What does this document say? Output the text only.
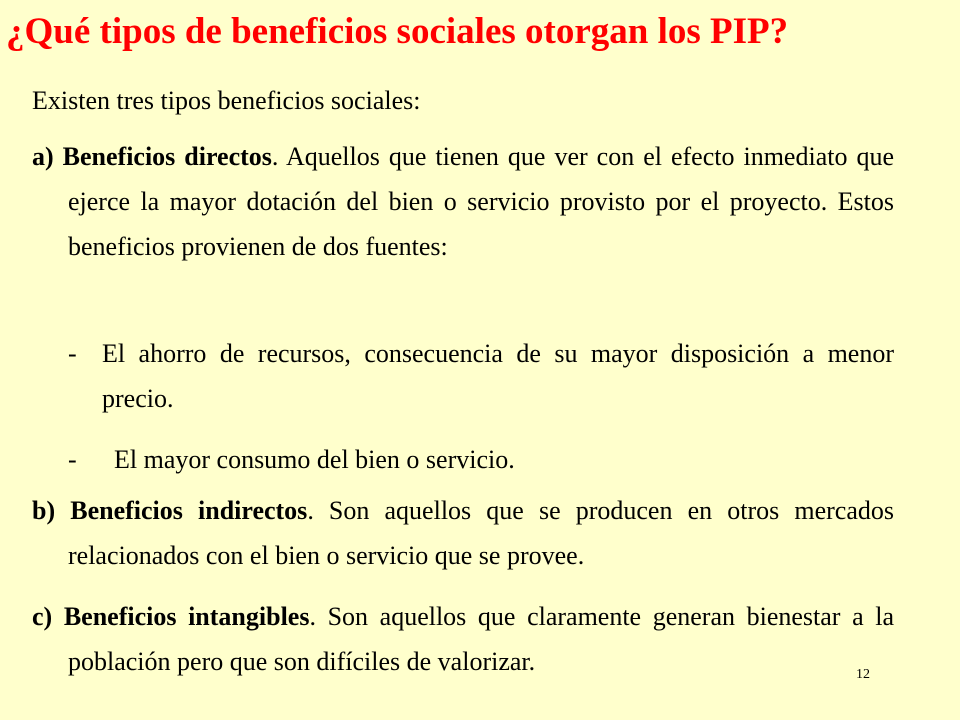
¿Qué tipos de beneficios sociales otorgan los PIP?

Existen tres tipos beneficios sociales:

a) Beneficios directos. Aquellos que tienen que ver con el efecto inmediato que ejerce la mayor dotación del bien o servicio provisto por el proyecto. Estos beneficios provienen de dos fuentes:

- El ahorro de recursos, consecuencia de su mayor disposición a menor precio.
-	El mayor consumo del bien o servicio.

b) Beneficios indirectos. Son aquellos que se producen en otros mercados relacionados con el bien o servicio que se provee.

c) Beneficios intangibles. Son aquellos que claramente generan bienestar a la población pero que son difíciles de valorizar.	12
